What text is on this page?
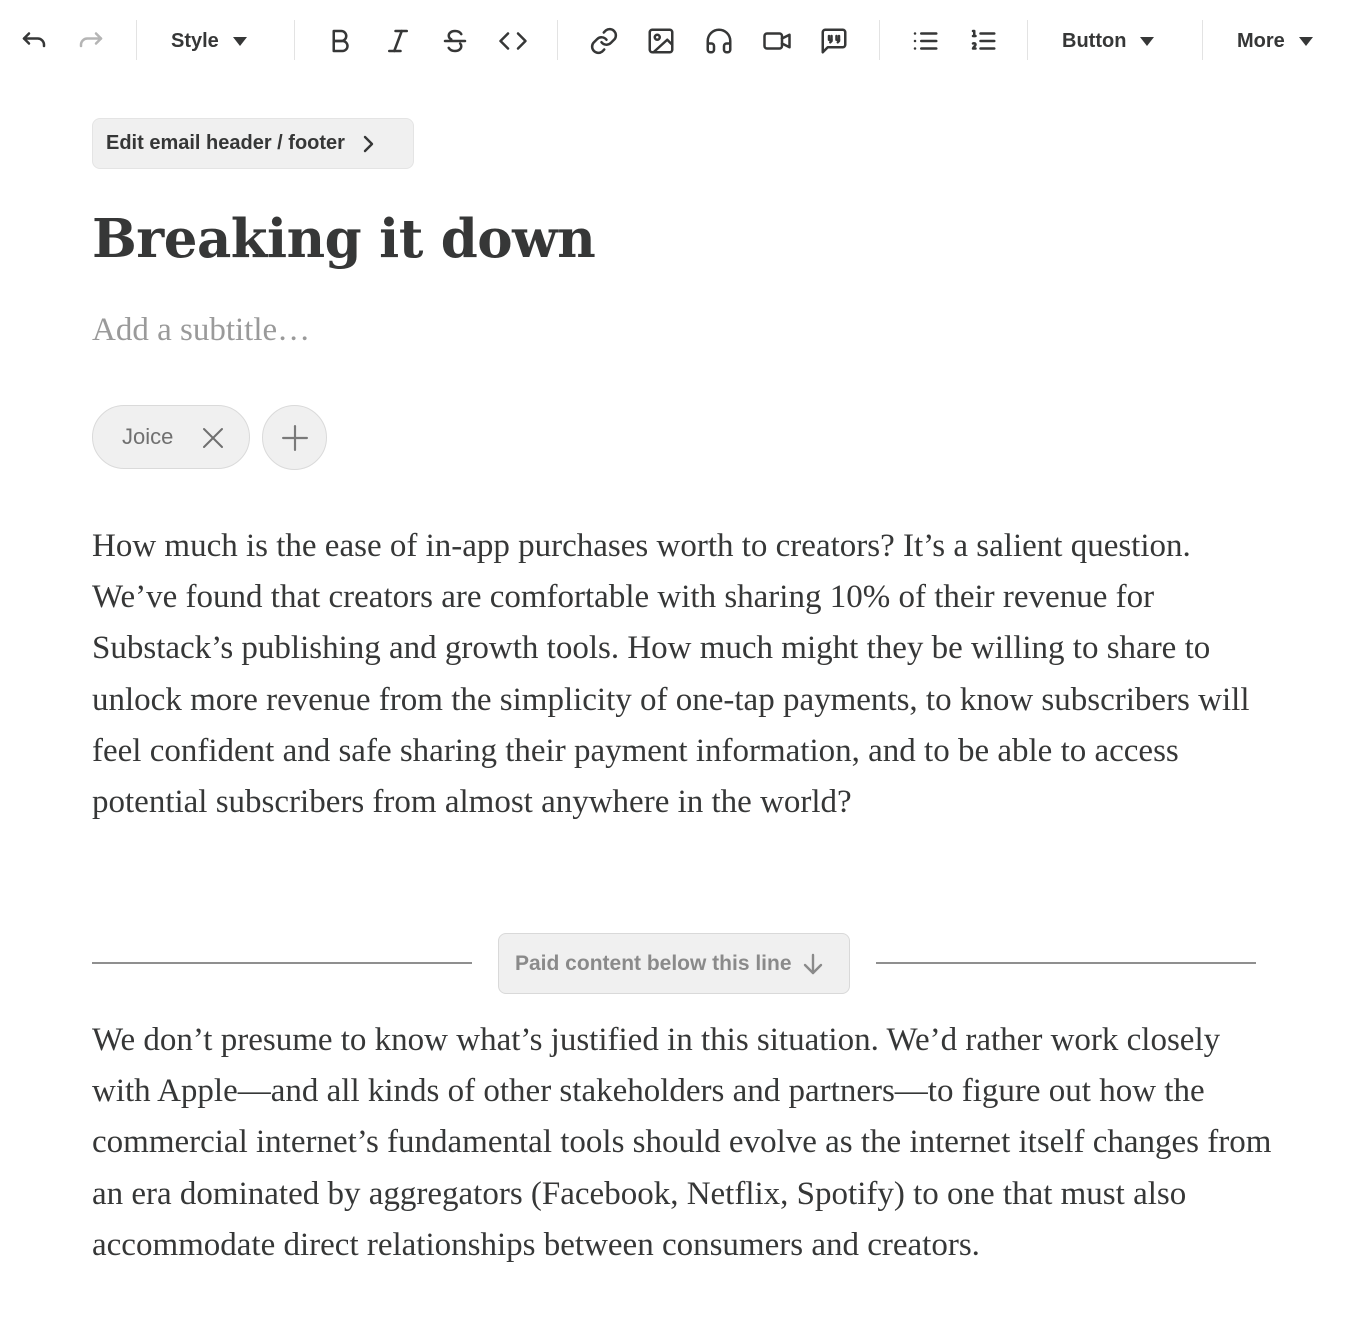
Style	Button	More
Edit email header / footer
Breaking it down
Add a subtitle…
Joice

How much is the ease of in-app purchases worth to creators? It’s a salient question. We’ve found that creators are comfortable with sharing 10% of their revenue for Substack’s publishing and growth tools. How much might they be willing to share to unlock more revenue from the simplicity of one-tap payments, to know subscribers will feel confident and safe sharing their payment information, and to be able to access potential subscribers from almost anywhere in the world?

Paid content below this line

We don’t presume to know what’s justified in this situation. We’d rather work closely with Apple—and all kinds of other stakeholders and partners—to figure out how the commercial internet’s fundamental tools should evolve as the internet itself changes from an era dominated by aggregators (Facebook, Netflix, Spotify) to one that must also accommodate direct relationships between consumers and creators.
